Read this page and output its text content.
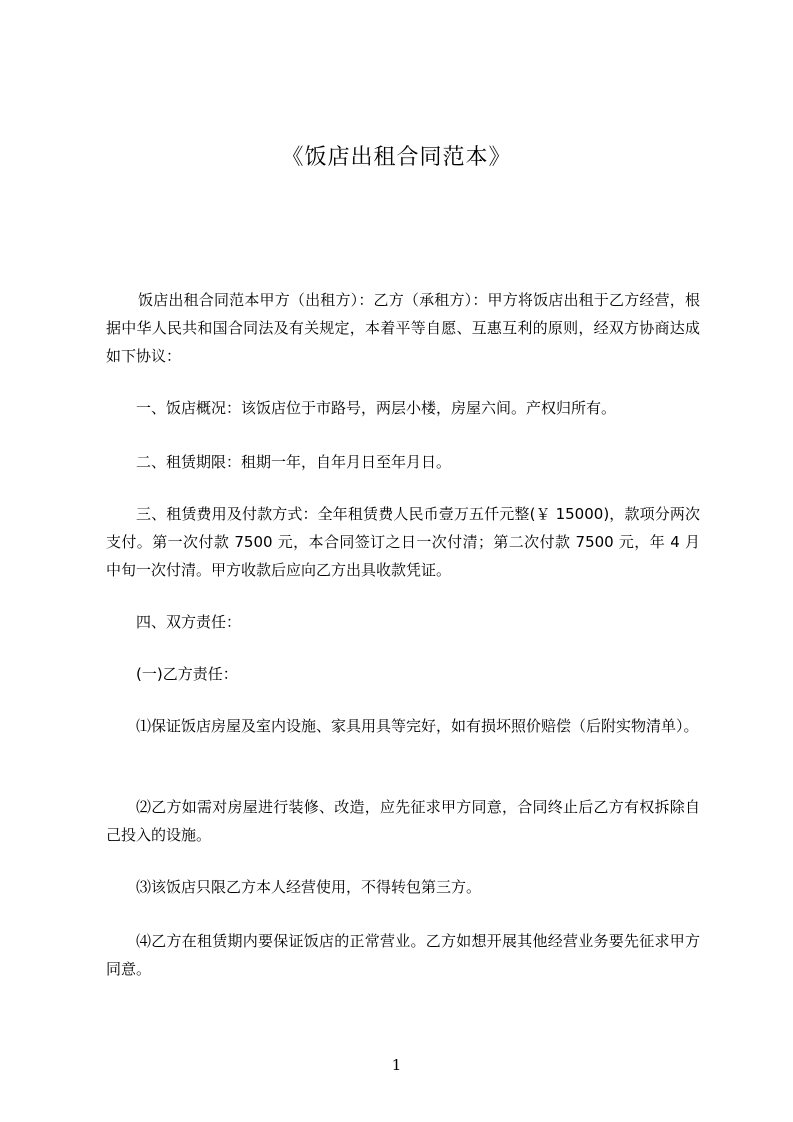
《饭店出租合同范本》

饭店出租合同范本甲方（出租方）：乙方（承租方）：甲方将饭店出租于乙方经营，根据中华人民共和国合同法及有关规定，本着平等自愿、互惠互利的原则，经双方协商达成如下协议：

一、饭店概况：该饭店位于市路号，两层小楼，房屋六间。产权归所有。

二、租赁期限：租期一年，自年月日至年月日。

三、租赁费用及付款方式：全年租赁费人民币壹万五仟元整(￥ 15000)，款项分两次支付。第一次付款 7500 元，本合同签订之日一次付清；第二次付款 7500 元，年 4 月中旬一次付清。甲方收款后应向乙方出具收款凭证。

四、双方责任：

(一)乙方责任：

⑴保证饭店房屋及室内设施、家具用具等完好，如有损坏照价赔偿（后附实物清单）。

⑵乙方如需对房屋进行装修、改造，应先征求甲方同意，合同终止后乙方有权拆除自己投入的设施。

⑶该饭店只限乙方本人经营使用，不得转包第三方。

⑷乙方在租赁期内要保证饭店的正常营业。乙方如想开展其他经营业务要先征求甲方同意。

1
